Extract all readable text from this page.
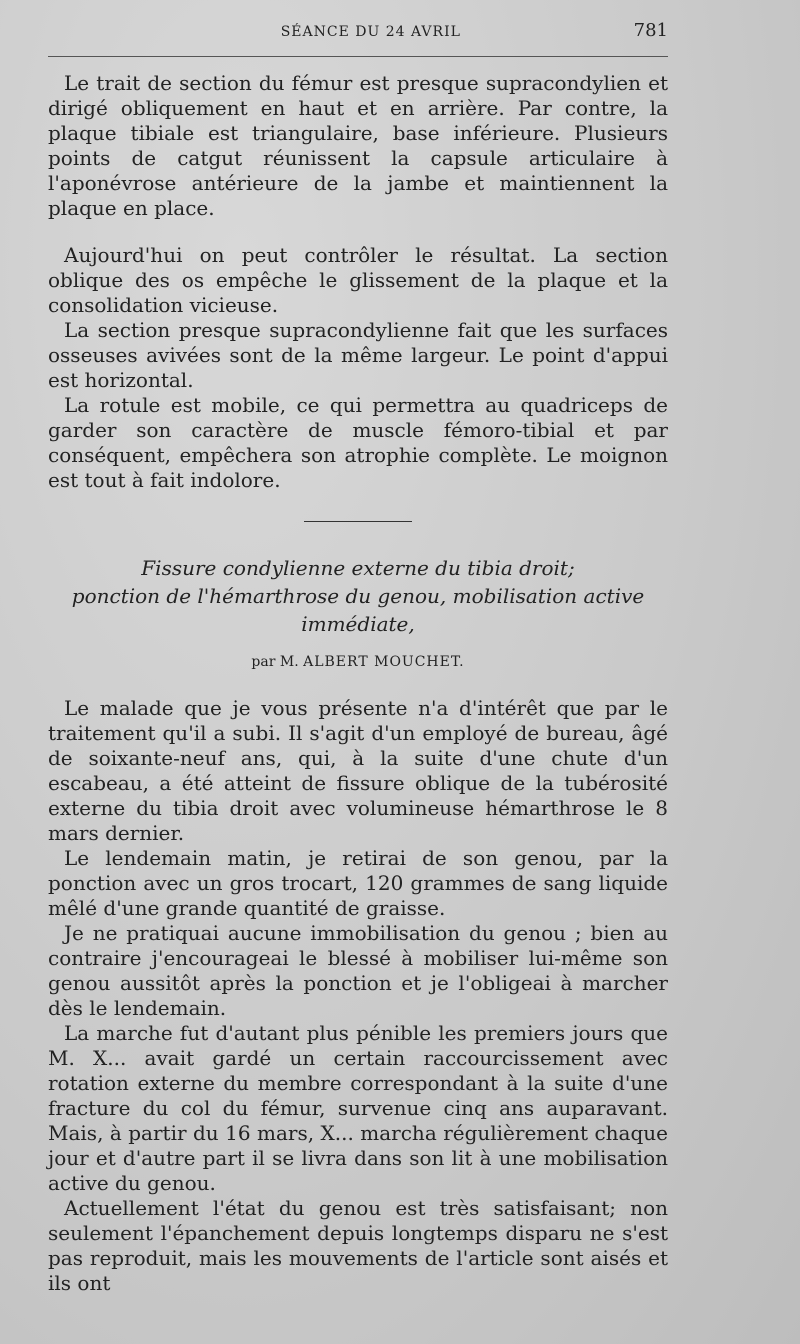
SÉANCE DU 24 AVRIL	781

Le trait de section du fémur est presque supracondylien et dirigé obliquement en haut et en arrière. Par contre, la plaque tibiale est triangulaire, base inférieure. Plusieurs points de catgut réunissent la capsule articulaire à l'aponévrose antérieure de la jambe et maintiennent la plaque en place.

Aujourd'hui on peut contrôler le résultat. La section oblique des os empêche le glissement de la plaque et la consolidation vicieuse.

La section presque supracondylienne fait que les surfaces osseuses avivées sont de la même largeur. Le point d'appui est horizontal.

La rotule est mobile, ce qui permettra au quadriceps de garder son caractère de muscle fémoro-tibial et par conséquent, empêchera son atrophie complète. Le moignon est tout à fait indolore.

Fissure condylienne externe du tibia droit;
ponction de l'hémarthrose du genou, mobilisation active immédiate,
par M. ALBERT MOUCHET.

Le malade que je vous présente n'a d'intérêt que par le traitement qu'il a subi. Il s'agit d'un employé de bureau, âgé de soixante-neuf ans, qui, à la suite d'une chute d'un escabeau, a été atteint de fissure oblique de la tubérosité externe du tibia droit avec volumineuse hémarthrose le 8 mars dernier.

Le lendemain matin, je retirai de son genou, par la ponction avec un gros trocart, 120 grammes de sang liquide mêlé d'une grande quantité de graisse.

Je ne pratiquai aucune immobilisation du genou ; bien au contraire j'encourageai le blessé à mobiliser lui-même son genou aussitôt après la ponction et je l'obligeai à marcher dès le lendemain.

La marche fut d'autant plus pénible les premiers jours que M. X... avait gardé un certain raccourcissement avec rotation externe du membre correspondant à la suite d'une fracture du col du fémur, survenue cinq ans auparavant. Mais, à partir du 16 mars, X... marcha régulièrement chaque jour et d'autre part il se livra dans son lit à une mobilisation active du genou.

Actuellement l'état du genou est très satisfaisant; non seulement l'épanchement depuis longtemps disparu ne s'est pas reproduit, mais les mouvements de l'article sont aisés et ils ont
